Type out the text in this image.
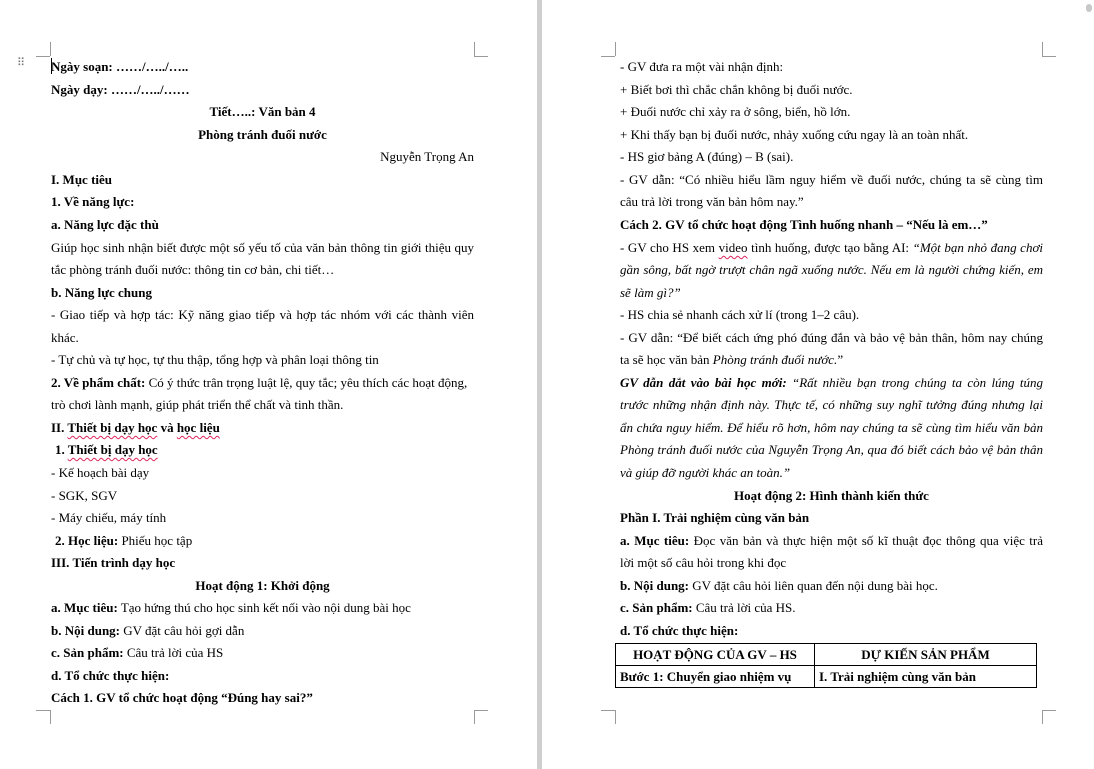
⠿ Ngày soạn: ……/…../…..
Ngày dạy: ……/…../……
Tiết…..: Văn bản 4
Phòng tránh đuối nước
Nguyễn Trọng An
I. Mục tiêu
1. Về năng lực:
a. Năng lực đặc thù
Giúp học sinh nhận biết được một số yếu tố của văn bản thông tin giới thiệu quy
tắc phòng tránh đuối nước: thông tin cơ bản, chi tiết…
b. Năng lực chung
- Giao tiếp và hợp tác: Kỹ năng giao tiếp và hợp tác nhóm với các thành viên
khác.
- Tự chủ và tự học, tự thu thập, tổng hợp và phân loại thông tin
2. Về phẩm chất: Có ý thức trân trọng luật lệ, quy tắc; yêu thích các hoạt động,
trò chơi lành mạnh, giúp phát triển thể chất và tinh thần.
II. Thiết bị dạy học và học liệu
1. Thiết bị dạy học
- Kế hoạch bài dạy
- SGK, SGV
- Máy chiếu, máy tính
2. Học liệu: Phiếu học tập
III. Tiến trình dạy học
Hoạt động 1: Khởi động
a. Mục tiêu: Tạo hứng thú cho học sinh kết nối vào nội dung bài học
b. Nội dung: GV đặt câu hỏi gợi dẫn
c. Sản phẩm: Câu trả lời của HS
d. Tổ chức thực hiện:
Cách 1. GV tổ chức hoạt động “Đúng hay sai?”
- GV đưa ra một vài nhận định:
+ Biết bơi thì chắc chắn không bị đuối nước.
+ Đuối nước chỉ xảy ra ở sông, biển, hồ lớn.
+ Khi thấy bạn bị đuối nước, nhảy xuống cứu ngay là an toàn nhất.
- HS giơ bảng A (đúng) – B (sai).
- GV dẫn: “Có nhiều hiểu lầm nguy hiểm về đuối nước, chúng ta sẽ cùng tìm
câu trả lời trong văn bản hôm nay.”
Cách 2. GV tổ chức hoạt động Tình huống nhanh – “Nếu là em…”
- GV cho HS xem video tình huống, được tạo bằng AI: “Một bạn nhỏ đang chơi
gần sông, bất ngờ trượt chân ngã xuống nước. Nếu em là người chứng kiến, em
sẽ làm gì?”
- HS chia sẻ nhanh cách xử lí (trong 1–2 câu).
- GV dẫn: “Để biết cách ứng phó đúng đắn và bảo vệ bản thân, hôm nay chúng
ta sẽ học văn bản Phòng tránh đuối nước.”
GV dẫn dắt vào bài học mới: “Rất nhiều bạn trong chúng ta còn lúng túng
trước những nhận định này. Thực tế, có những suy nghĩ tưởng đúng nhưng lại
ẩn chứa nguy hiểm. Để hiểu rõ hơn, hôm nay chúng ta sẽ cùng tìm hiểu văn bản
Phòng tránh đuối nước của Nguyễn Trọng An, qua đó biết cách bảo vệ bản thân
và giúp đỡ người khác an toàn.”
Hoạt động 2: Hình thành kiến thức
Phần I. Trải nghiệm cùng văn bản
a. Mục tiêu: Đọc văn bản và thực hiện một số kĩ thuật đọc thông qua việc trả
lời một số câu hỏi trong khi đọc
b. Nội dung: GV đặt câu hỏi liên quan đến nội dung bài học.
c. Sản phẩm: Câu trả lời của HS.
d. Tổ chức thực hiện:
HOẠT ĐỘNG CỦA GV – HS	DỰ KIẾN SẢN PHẨM
Bước 1: Chuyển giao nhiệm vụ	I. Trải nghiệm cùng văn bản
